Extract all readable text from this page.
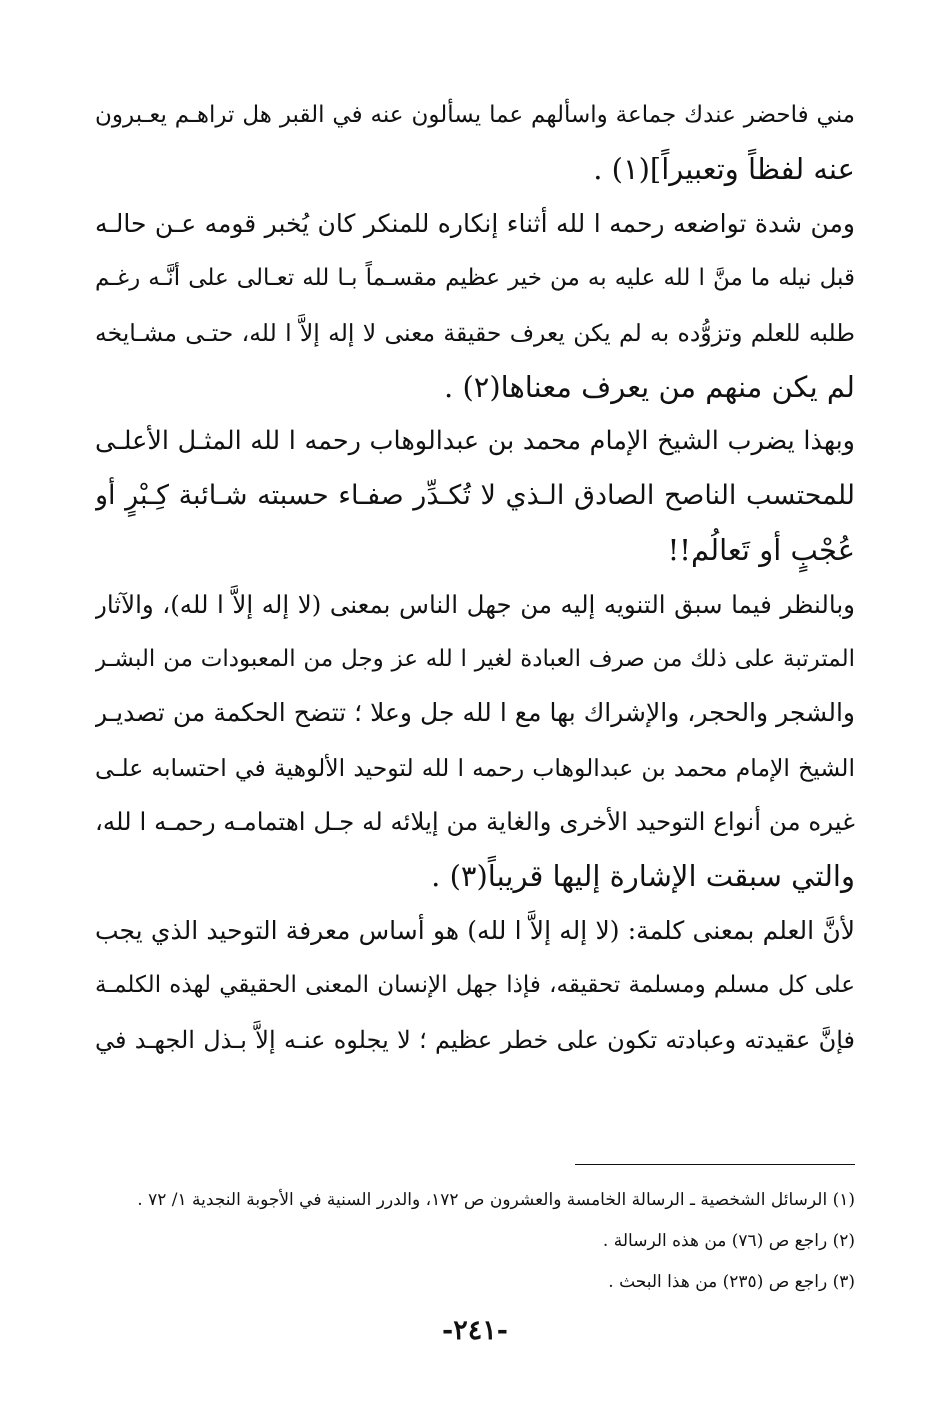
مني فاحضر عندك جماعة واسألهم عما يسألون عنه في القبر هل تراهـم يعـبرون
عنه لفظاً وتعبيراً](١) .
ومن شدة تواضعه رحمه ا لله أثناء إنكاره للمنكر كان يُخبر قومه عـن حالـه
قبل نيله ما منَّ ا لله عليه به من خير عظيم مقسـماً بـا لله تعـالى على أنَّـه رغـم
طلبه للعلم وتزوُّده به لم يكن يعرف حقيقة معنى لا إله إلاَّ ا لله، حتـى مشـايخه
لم يكن منهم من يعرف معناها(٢) .
وبهذا يضرب الشيخ الإمام محمد بن عبدالوهاب رحمه ا لله المثـل الأعلـى
للمحتسب الناصح الصادق الـذي لا تُكـدِّر صفـاء حسبته شـائبة كِـبْرٍ أو
عُجْبٍ أو تَعالُم!!
وبالنظر فيما سبق التنويه إليه من جهل الناس بمعنى (لا إله إلاَّ ا لله)، والآثار
المترتبة على ذلك من صرف العبادة لغير ا لله عز وجل من المعبودات من البشـر
والشجر والحجر، والإشراك بها مع ا لله جل وعلا ؛ تتضح الحكمة من تصديـر
الشيخ الإمام محمد بن عبدالوهاب رحمه ا لله لتوحيد الألوهية في احتسابه علـى
غيره من أنواع التوحيد الأخرى والغاية من إيلائه له جـل اهتمامـه رحمـه ا لله،
والتي سبقت الإشارة إليها قريباً(٣) .
لأنَّ العلم بمعنى كلمة: (لا إله إلاَّ ا لله) هو أساس معرفة التوحيد الذي يجب
على كل مسلم ومسلمة تحقيقه، فإذا جهل الإنسان المعنى الحقيقي لهذه الكلمـة
فإنَّ عقيدته وعبادته تكون على خطر عظيم ؛ لا يجلوه عنـه إلاَّ بـذل الجهـد في
(١) الرسائل الشخصية ـ الرسالة الخامسة والعشرون ص ١٧٢، والدرر السنية في الأجوبة النجدية ١/ ٧٢ .
(٢) راجع ص (٧٦) من هذه الرسالة .
(٣) راجع ص (٢٣٥) من هذا البحث .
-٢٤١-
